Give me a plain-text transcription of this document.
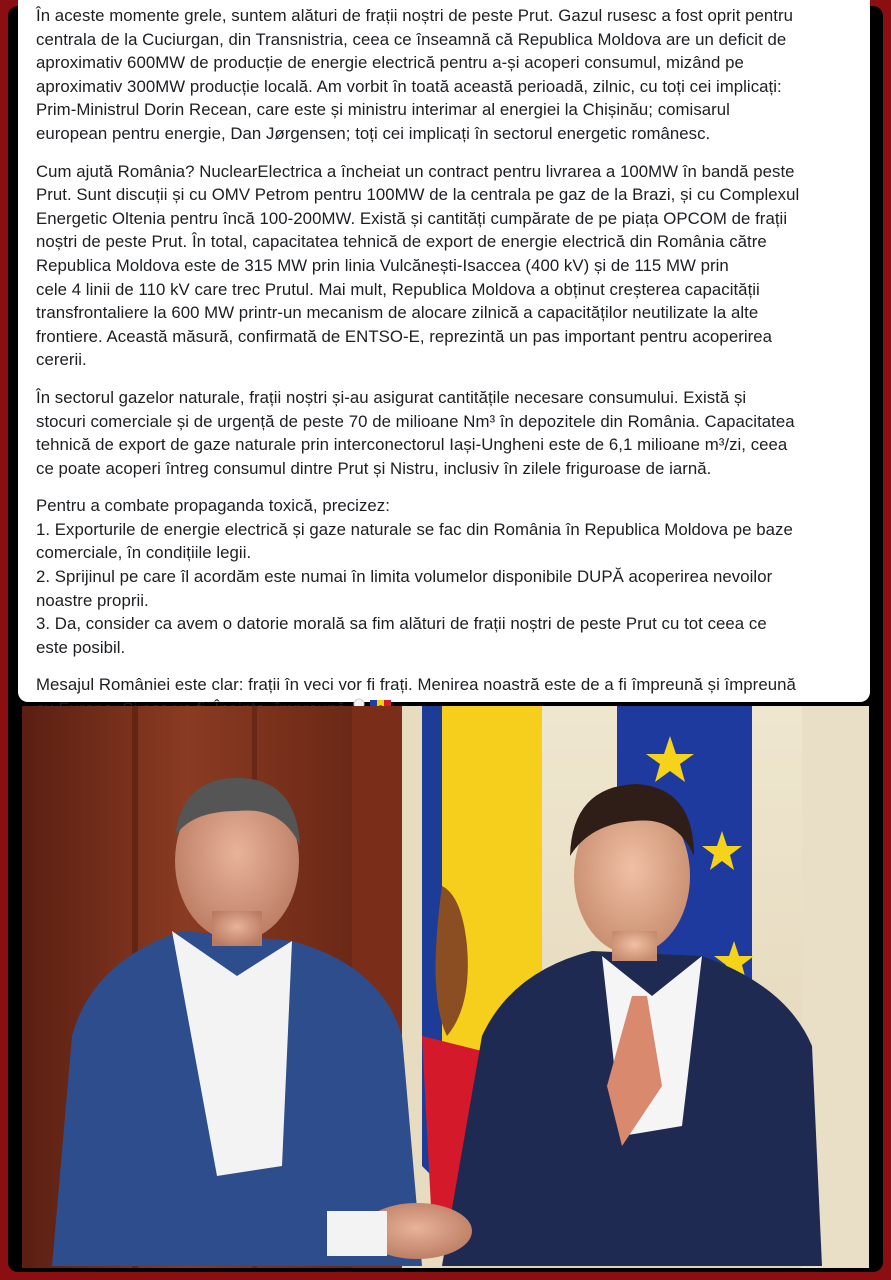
În aceste momente grele, suntem alături de frații noștri de peste Prut. Gazul rusesc a fost oprit pentru
centrala de la Cuciurgan, din Transnistria, ceea ce înseamnă că Republica Moldova are un deficit de
aproximativ 600MW de producție de energie electrică pentru a-și acoperi consumul, mizând pe
aproximativ 300MW producție locală. Am vorbit în toată această perioadă, zilnic, cu toți cei implicați:
Prim-Ministrul Dorin Recean, care este și ministru interimar al energiei la Chișinău; comisarul
european pentru energie, Dan Jørgensen; toți cei implicați în sectorul energetic românesc.

Cum ajută România? NuclearElectrica a încheiat un contract pentru livrarea a 100MW în bandă peste
Prut. Sunt discuții și cu OMV Petrom pentru 100MW de la centrala pe gaz de la Brazi, și cu Complexul
Energetic Oltenia pentru încă 100-200MW. Există și cantități cumpărate de pe piața OPCOM de frații
noștri de peste Prut. În total, capacitatea tehnică de export de energie electrică din România către
Republica Moldova este de 315 MW prin linia Vulcănești-Isaccea (400 kV) și de 115 MW prin
cele 4 linii de 110 kV care trec Prutul. Mai mult, Republica Moldova a obținut creșterea capacității
transfrontaliere la 600 MW printr-un mecanism de alocare zilnică a capacităților neutilizate la alte
frontiere. Această măsură, confirmată de ENTSO-E, reprezintă un pas important pentru acoperirea
cererii.

În sectorul gazelor naturale, frații noștri și-au asigurat cantitățile necesare consumului. Există și
stocuri comerciale și de urgență de peste 70 de milioane Nm³ în depozitele din România. Capacitatea
tehnică de export de gaze naturale prin interconectorul Iași-Ungheni este de 6,1 milioane m³/zi, ceea
ce poate acoperi întreg consumul dintre Prut și Nistru, inclusiv în zilele friguroase de iarnă.

Pentru a combate propaganda toxică, precizez:
1. Exporturile de energie electrică și gaze naturale se fac din România în Republica Moldova pe baze
comerciale, în condițiile legii.
2. Sprijinul pe care îl acordăm este numai în limita volumelor disponibile DUPĂ acoperirea nevoilor
noastre proprii.
3. Da, consider ca avem o datorie morală sa fim alături de frații noștri de peste Prut cu tot ceea ce
este posibil.

Mesajul României este clar: frații în veci vor fi frați. Menirea noastră este de a fi împreună și împreună
